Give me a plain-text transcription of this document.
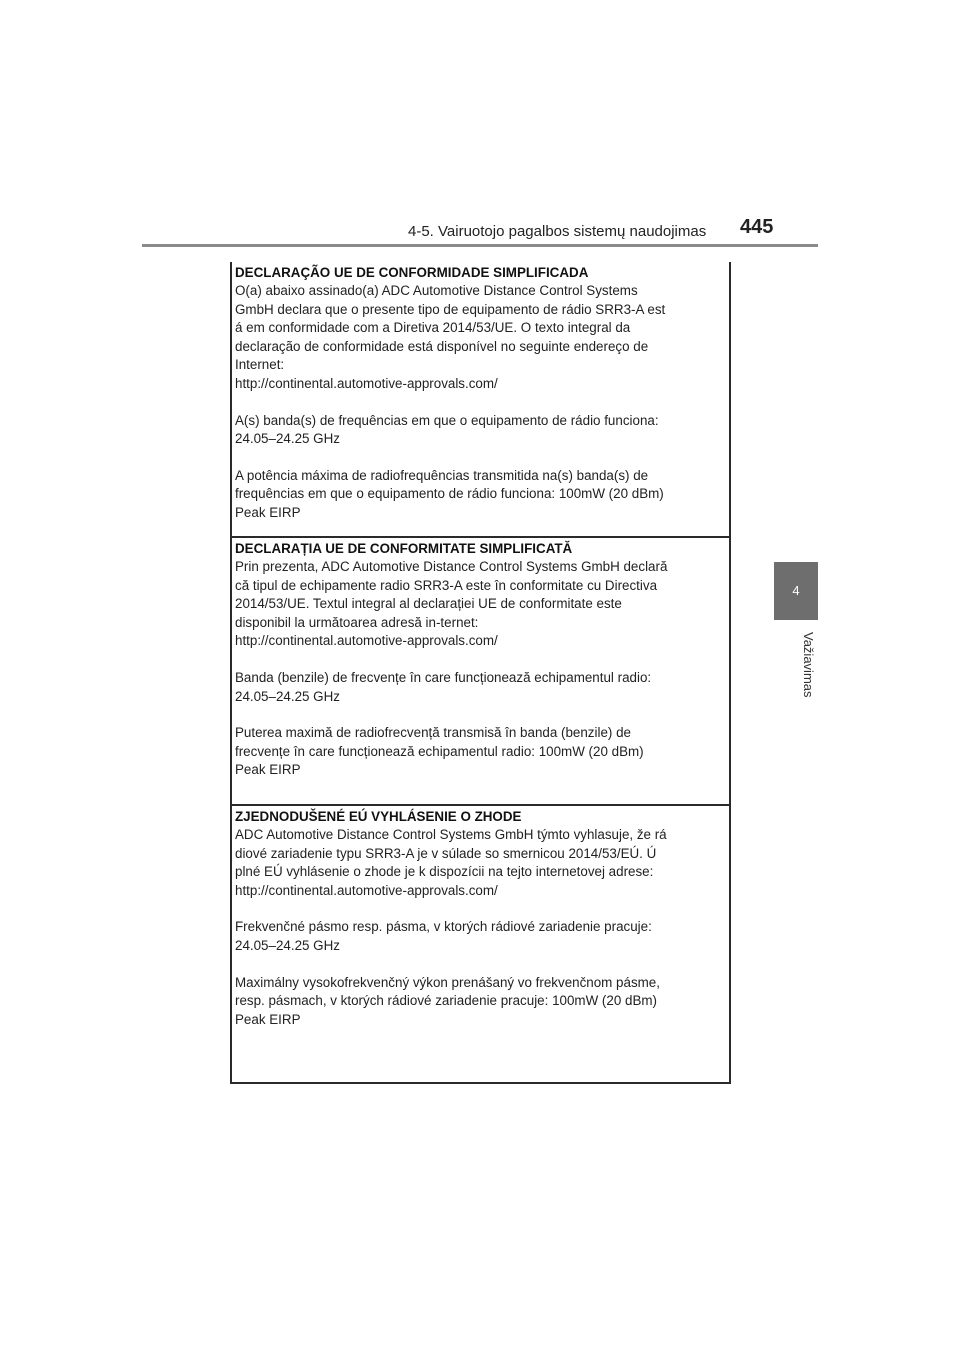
4-5. Vairuotojo pagalbos sistemų naudojimas 445
4
Važiavimas

DECLARAÇÃO UE DE CONFORMIDADE SIMPLIFICADA

O(a) abaixo assinado(a) ADC Automotive Distance Control Systems

GmbH declara que o presente tipo de equipamento de rádio SRR3-A est

á em conformidade com a Diretiva 2014/53/UE. O texto integral da

declaração de conformidade está disponível no seguinte endereço de

Internet:

http://continental.automotive-approvals.com/

A(s) banda(s) de frequências em que o equipamento de rádio funciona:

24.05–24.25 GHz

A potência máxima de radiofrequências transmitida na(s) banda(s) de

frequências em que o equipamento de rádio funciona: 100mW (20 dBm)

Peak EIRP

DECLARAȚIA UE DE CONFORMITATE SIMPLIFICATĂ

Prin prezenta, ADC Automotive Distance Control Systems GmbH declară

că tipul de echipamente radio SRR3-A este în conformitate cu Directiva

2014/53/UE. Textul integral al declarației UE de conformitate este

disponibil la următoarea adresă in-ternet:

http://continental.automotive-approvals.com/

Banda (benzile) de frecvențe în care funcționează echipamentul radio:

24.05–24.25 GHz

Puterea maximă de radiofrecvență transmisă în banda (benzile) de

frecvențe în care funcționează echipamentul radio: 100mW (20 dBm)

Peak EIRP

ZJEDNODUŠENÉ EÚ VYHLÁSENIE O ZHODE

ADC Automotive Distance Control Systems GmbH týmto vyhlasuje, že rá

diové zariadenie typu SRR3-A je v súlade so smernicou 2014/53/EÚ. Ú

plné EÚ vyhlásenie o zhode je k dispozícii na tejto internetovej adrese:

http://continental.automotive-approvals.com/

Frekvenčné pásmo resp. pásma, v ktorých rádiové zariadenie pracuje:

24.05–24.25 GHz

Maximálny vysokofrekvenčný výkon prenášaný vo frekvenčnom pásme,

resp. pásmach, v ktorých rádiové zariadenie pracuje: 100mW (20 dBm)

Peak EIRP
